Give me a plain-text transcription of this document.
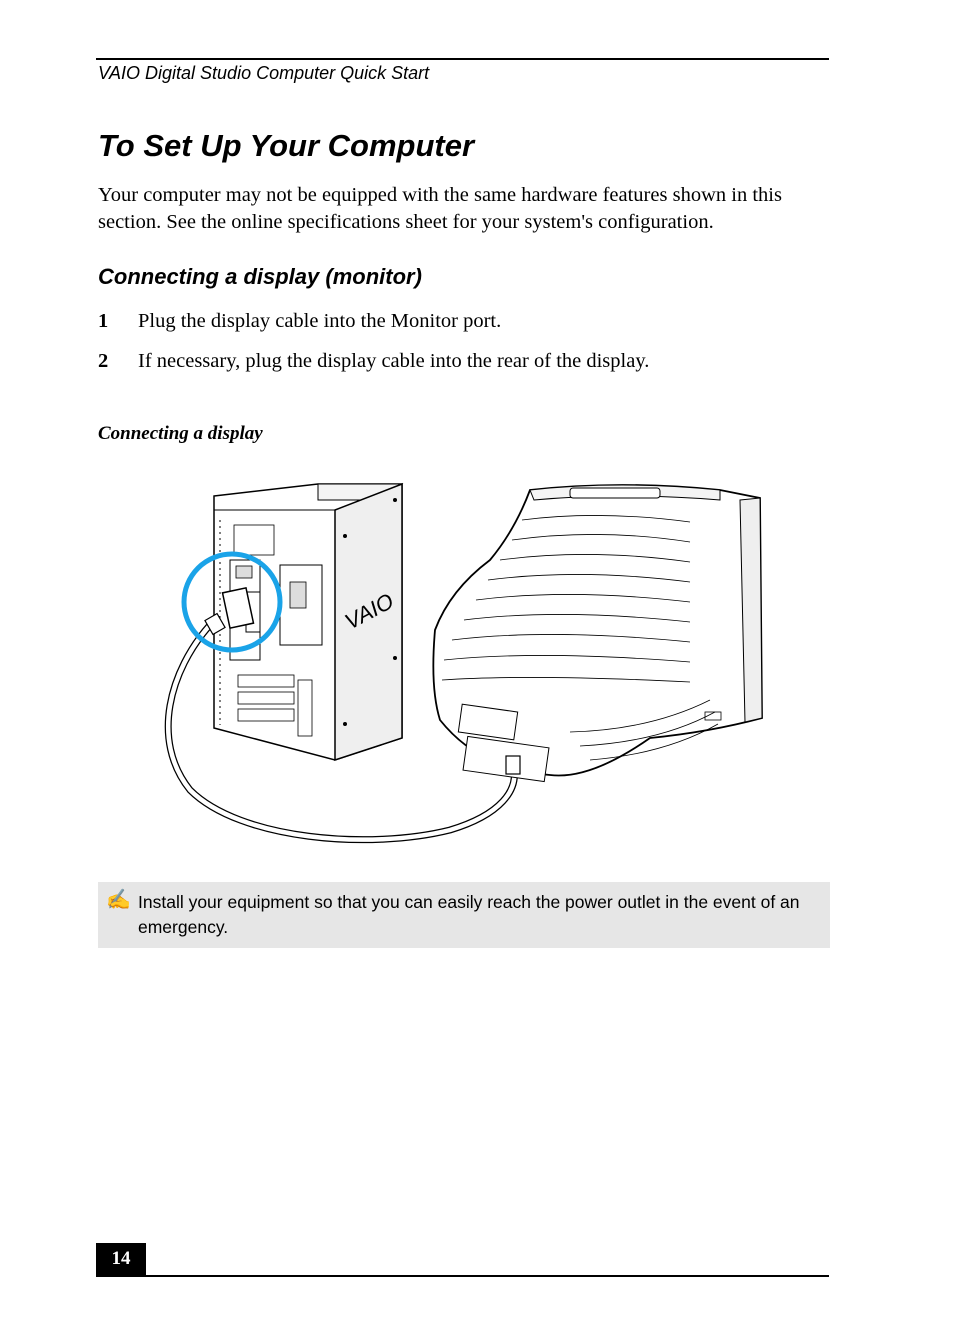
VAIO Digital Studio Computer Quick Start
To Set Up Your Computer
Your computer may not be equipped with the same hardware features shown in this section. See the online specifications sheet for your system's configuration.
Connecting a display (monitor)
1 Plug the display cable into the Monitor port.
2 If necessary, plug the display cable into the rear of the display.
Connecting a display
VAIO
✍ Install your equipment so that you can easily reach the power outlet in the event of an emergency.
14
